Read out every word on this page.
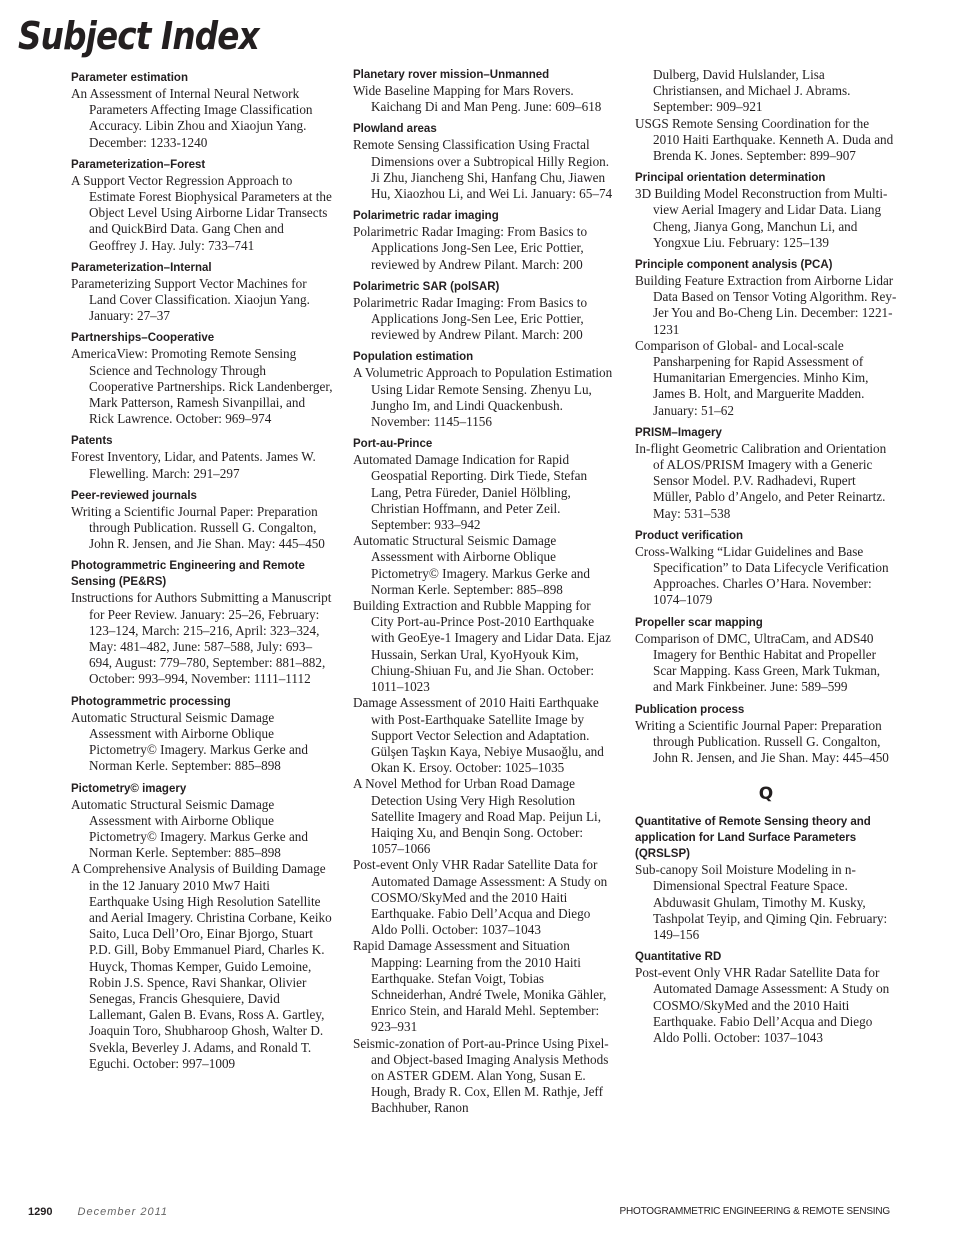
Subject Index

Parameter estimation

An Assessment of Internal Neural Network Parameters Affecting Image Classification Accuracy. Libin Zhou and Xiaojun Yang. December: 1233-1240

Parameterization–Forest

A Support Vector Regression Approach to Estimate Forest Biophysical Parameters at the Object Level Using Airborne Lidar Transects and QuickBird Data. Gang Chen and Geoffrey J. Hay. July: 733–741

Parameterization–Internal

Parameterizing Support Vector Machines for Land Cover Classification. Xiaojun Yang. January: 27–37

Partnerships–Cooperative

AmericaView: Promoting Remote Sensing Science and Technology Through Cooperative Partnerships. Rick Landenberger, Mark Patterson, Ramesh Sivanpillai, and Rick Lawrence. October: 969–974

Patents

Forest Inventory, Lidar, and Patents. James W. Flewelling. March: 291–297

Peer-reviewed journals

Writing a Scientific Journal Paper: Preparation through Publication. Russell G. Congalton, John R. Jensen, and Jie Shan. May: 445–450

Photogrammetric Engineering and Remote Sensing (PE&RS)

Instructions for Authors Submitting a Manuscript for Peer Review. January: 25–26, February: 123–124, March: 215–216, April: 323–324, May: 481–482, June: 587–588, July: 693–694, August: 779–780, September: 881–882, October: 993–994, November: 1111–1112

Photogrammetric processing

Automatic Structural Seismic Damage Assessment with Airborne Oblique Pictometry© Imagery. Markus Gerke and Norman Kerle. September: 885–898

Pictometry© imagery

Automatic Structural Seismic Damage Assessment with Airborne Oblique Pictometry© Imagery. Markus Gerke and Norman Kerle. September: 885–898

A Comprehensive Analysis of Building Damage in the 12 January 2010 Mw7 Haiti Earthquake Using High Resolution Satellite and Aerial Imagery. Christina Corbane, Keiko Saito, Luca Dell’Oro, Einar Bjorgo, Stuart P.D. Gill, Boby Emmanuel Piard, Charles K. Huyck, Thomas Kemper, Guido Lemoine, Robin J.S. Spence, Ravi Shankar, Olivier Senegas, Francis Ghesquiere, David Lallemant, Galen B. Evans, Ross A. Gartley, Joaquin Toro, Shubharoop Ghosh, Walter D. Svekla, Beverley J. Adams, and Ronald T. Eguchi. October: 997–1009

Planetary rover mission–Unmanned

Wide Baseline Mapping for Mars Rovers. Kaichang Di and Man Peng. June: 609–618

Plowland areas

Remote Sensing Classification Using Fractal Dimensions over a Subtropical Hilly Region. Ji Zhu, Jiancheng Shi, Hanfang Chu, Jiawen Hu, Xiaozhou Li, and Wei Li. January: 65–74

Polarimetric radar imaging

Polarimetric Radar Imaging: From Basics to Applications Jong-Sen Lee, Eric Pottier, reviewed by Andrew Pilant. March: 200

Polarimetric SAR (polSAR)

Polarimetric Radar Imaging: From Basics to Applications Jong-Sen Lee, Eric Pottier, reviewed by Andrew Pilant. March: 200

Population estimation

A Volumetric Approach to Population Estimation Using Lidar Remote Sensing. Zhenyu Lu, Jungho Im, and Lindi Quackenbush. November: 1145–1156

Port-au-Prince

Automated Damage Indication for Rapid Geospatial Reporting. Dirk Tiede, Stefan Lang, Petra Füreder, Daniel Hölbling, Christian Hoffmann, and Peter Zeil. September: 933–942

Automatic Structural Seismic Damage Assessment with Airborne Oblique Pictometry© Imagery. Markus Gerke and Norman Kerle. September: 885–898

Building Extraction and Rubble Mapping for City Port-au-Prince Post-2010 Earthquake with GeoEye-1 Imagery and Lidar Data. Ejaz Hussain, Serkan Ural, KyoHyouk Kim, Chiung-Shiuan Fu, and Jie Shan. October: 1011–1023

Damage Assessment of 2010 Haiti Earthquake with Post-Earthquake Satellite Image by Support Vector Selection and Adaptation. Gülşen Taşkın Kaya, Nebiye Musaoğlu, and Okan K. Ersoy. October: 1025–1035

A Novel Method for Urban Road Damage Detection Using Very High Resolution Satellite Imagery and Road Map. Peijun Li, Haiqing Xu, and Benqin Song. October: 1057–1066

Post-event Only VHR Radar Satellite Data for Automated Damage Assessment: A Study on COSMO/SkyMed and the 2010 Haiti Earthquake. Fabio Dell’Acqua and Diego Aldo Polli. October: 1037–1043

Rapid Damage Assessment and Situation Mapping: Learning from the 2010 Haiti Earthquake. Stefan Voigt, Tobias Schneiderhan, André Twele, Monika Gähler, Enrico Stein, and Harald Mehl. September: 923–931

Seismic-zonation of Port-au-Prince Using Pixel- and Object-based Imaging Analysis Methods on ASTER GDEM. Alan Yong, Susan E. Hough, Brady R. Cox, Ellen M. Rathje, Jeff Bachhuber, Ranon

Dulberg, David Hulslander, Lisa Christiansen, and Michael J. Abrams. September: 909–921

USGS Remote Sensing Coordination for the 2010 Haiti Earthquake. Kenneth A. Duda and Brenda K. Jones. September: 899–907

Principal orientation determination

3D Building Model Reconstruction from Multi-view Aerial Imagery and Lidar Data. Liang Cheng, Jianya Gong, Manchun Li, and Yongxue Liu. February: 125–139

Principle component analysis (PCA)

Building Feature Extraction from Airborne Lidar Data Based on Tensor Voting Algorithm. Rey-Jer You and Bo-Cheng Lin. December: 1221-1231

Comparison of Global- and Local-scale Pansharpening for Rapid Assessment of Humanitarian Emergencies. Minho Kim, James B. Holt, and Marguerite Madden. January: 51–62

PRISM–Imagery

In-flight Geometric Calibration and Orientation of ALOS/PRISM Imagery with a Generic Sensor Model. P.V. Radhadevi, Rupert Müller, Pablo d’Angelo, and Peter Reinartz. May: 531–538

Product verification

Cross-Walking “Lidar Guidelines and Base Specification” to Data Lifecycle Verification Approaches. Charles O’Hara. November: 1074–1079

Propeller scar mapping

Comparison of DMC, UltraCam, and ADS40 Imagery for Benthic Habitat and Propeller Scar Mapping. Kass Green, Mark Tukman, and Mark Finkbeiner. June: 589–599

Publication process

Writing a Scientific Journal Paper: Preparation through Publication. Russell G. Congalton, John R. Jensen, and Jie Shan. May: 445–450

Q

Quantitative of Remote Sensing theory and application for Land Surface Parameters (QRSLSP)

Sub-canopy Soil Moisture Modeling in n-Dimensional Spectral Feature Space. Abduwasit Ghulam, Timothy M. Kusky, Tashpolat Teyip, and Qiming Qin. February: 149–156

Quantitative RD

Post-event Only VHR Radar Satellite Data for Automated Damage Assessment: A Study on COSMO/SkyMed and the 2010 Haiti Earthquake. Fabio Dell’Acqua and Diego Aldo Polli. October: 1037–1043

1290 December 2011	PHOTOGRAMMETRIC ENGINEERING & REMOTE SENSING
